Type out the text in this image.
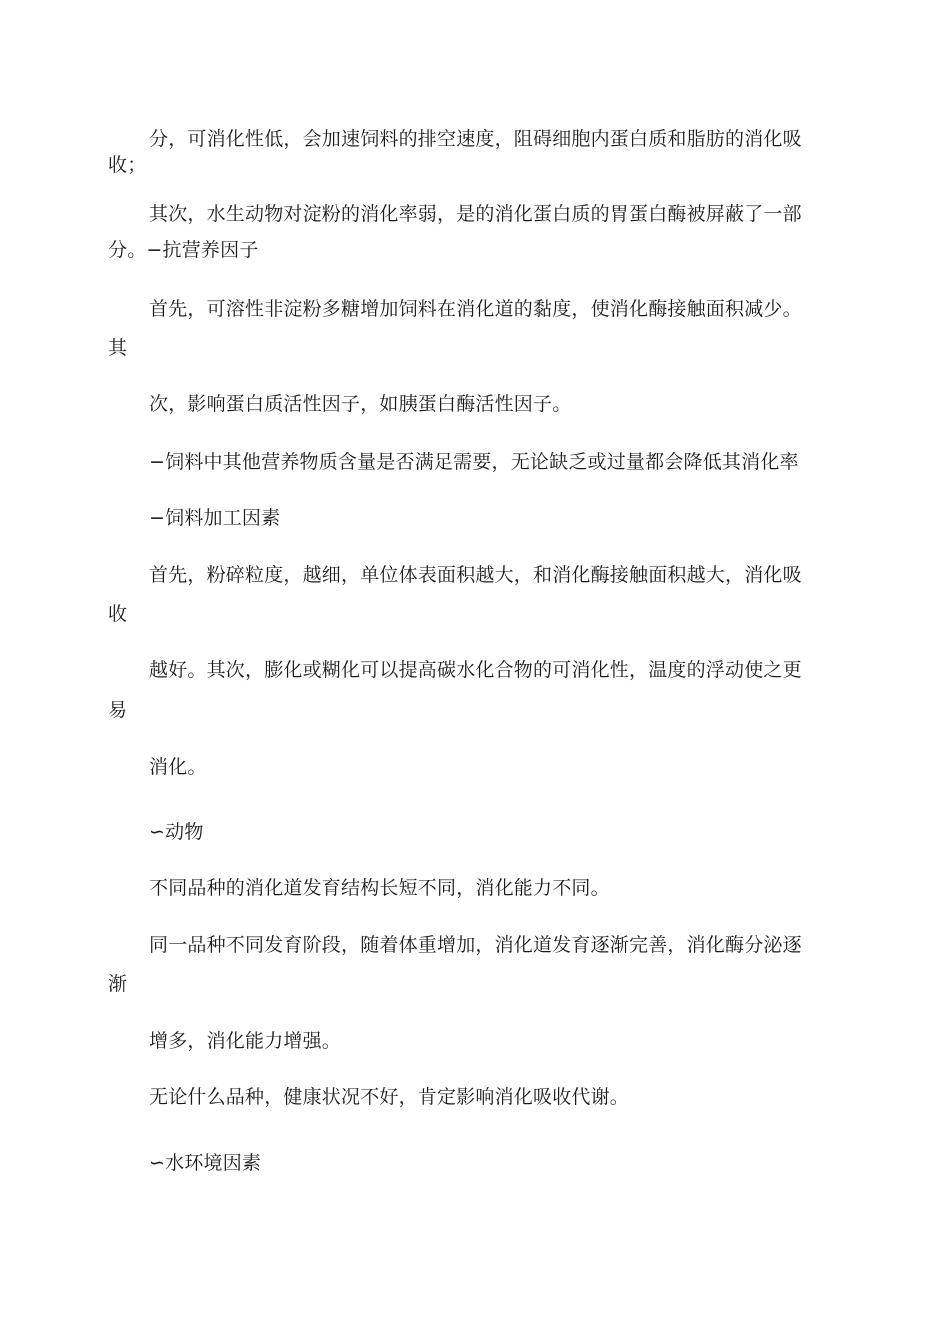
分，可消化性低，会加速饲料的排空速度，阻碍细胞内蛋白质和脂肪的消化吸
收；
其次，水生动物对淀粉的消化率弱，是的消化蛋白质的胃蛋白酶被屏蔽了一部
分。−抗营养因子
首先，可溶性非淀粉多糖增加饲料在消化道的黏度，使消化酶接触面积减少。
其
次，影响蛋白质活性因子，如胰蛋白酶活性因子。
−饲料中其他营养物质含量是否满足需要，无论缺乏或过量都会降低其消化率
−饲料加工因素
首先，粉碎粒度，越细，单位体表面积越大，和消化酶接触面积越大，消化吸
收
越好。其次，膨化或糊化可以提高碳水化合物的可消化性，温度的浮动使之更
易
消化。
∽动物
不同品种的消化道发育结构长短不同，消化能力不同。
同一品种不同发育阶段，随着体重增加，消化道发育逐渐完善，消化酶分泌逐
渐
增多，消化能力增强。
无论什么品种，健康状况不好，肯定影响消化吸收代谢。
∽水环境因素
